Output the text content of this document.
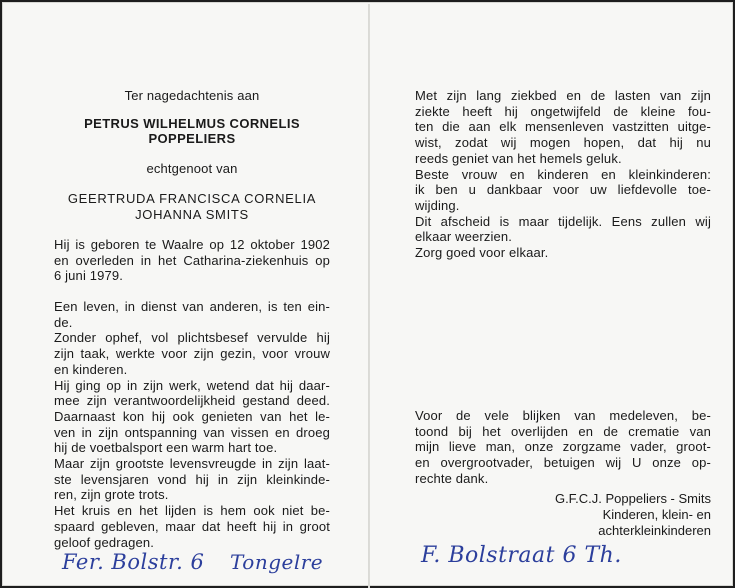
Ter nagedachtenis aan
PETRUS WILHELMUS CORNELIS
POPPELIERS
echtgenoot van
GEERTRUDA FRANCISCA CORNELIA
JOHANNA SMITS
Hij is geboren te Waalre op 12 oktober 1902
en overleden in het Catharina-ziekenhuis op
6 juni 1979.
Een leven, in dienst van anderen, is ten ein-
de.
Zonder ophef, vol plichtsbesef vervulde hij
zijn taak, werkte voor zijn gezin, voor vrouw
en kinderen.
Hij ging op in zijn werk, wetend dat hij daar-
mee zijn verantwoordelijkheid gestand deed.
Daarnaast kon hij ook genieten van het le-
ven in zijn ontspanning van vissen en droeg
hij de voetbalsport een warm hart toe.
Maar zijn grootste levensvreugde in zijn laat-
ste levensjaren vond hij in zijn kleinkinde-
ren, zijn grote trots.
Het kruis en het lijden is hem ook niet be-
spaard gebleven, maar dat heeft hij in groot
geloof gedragen.
Met zijn lang ziekbed en de lasten van zijn
ziekte heeft hij ongetwijfeld de kleine fou-
ten die aan elk mensenleven vastzitten uitge-
wist, zodat wij mogen hopen, dat hij nu
reeds geniet van het hemels geluk.
Beste vrouw en kinderen en kleinkinderen:
ik ben u dankbaar voor uw liefdevolle toe-
wijding.
Dit afscheid is maar tijdelijk. Eens zullen wij
elkaar weerzien.
Zorg goed voor elkaar.
Voor de vele blijken van medeleven, be-
toond bij het overlijden en de crematie van
mijn lieve man, onze zorgzame vader, groot-
en overgrootvader, betuigen wij U onze op-
rechte dank.
G.F.C.J. Poppeliers - Smits
Kinderen, klein- en
achterkleinkinderen
Fer. Bolstr. 6 Tongelre	F. Bolstraat 6 Th.
